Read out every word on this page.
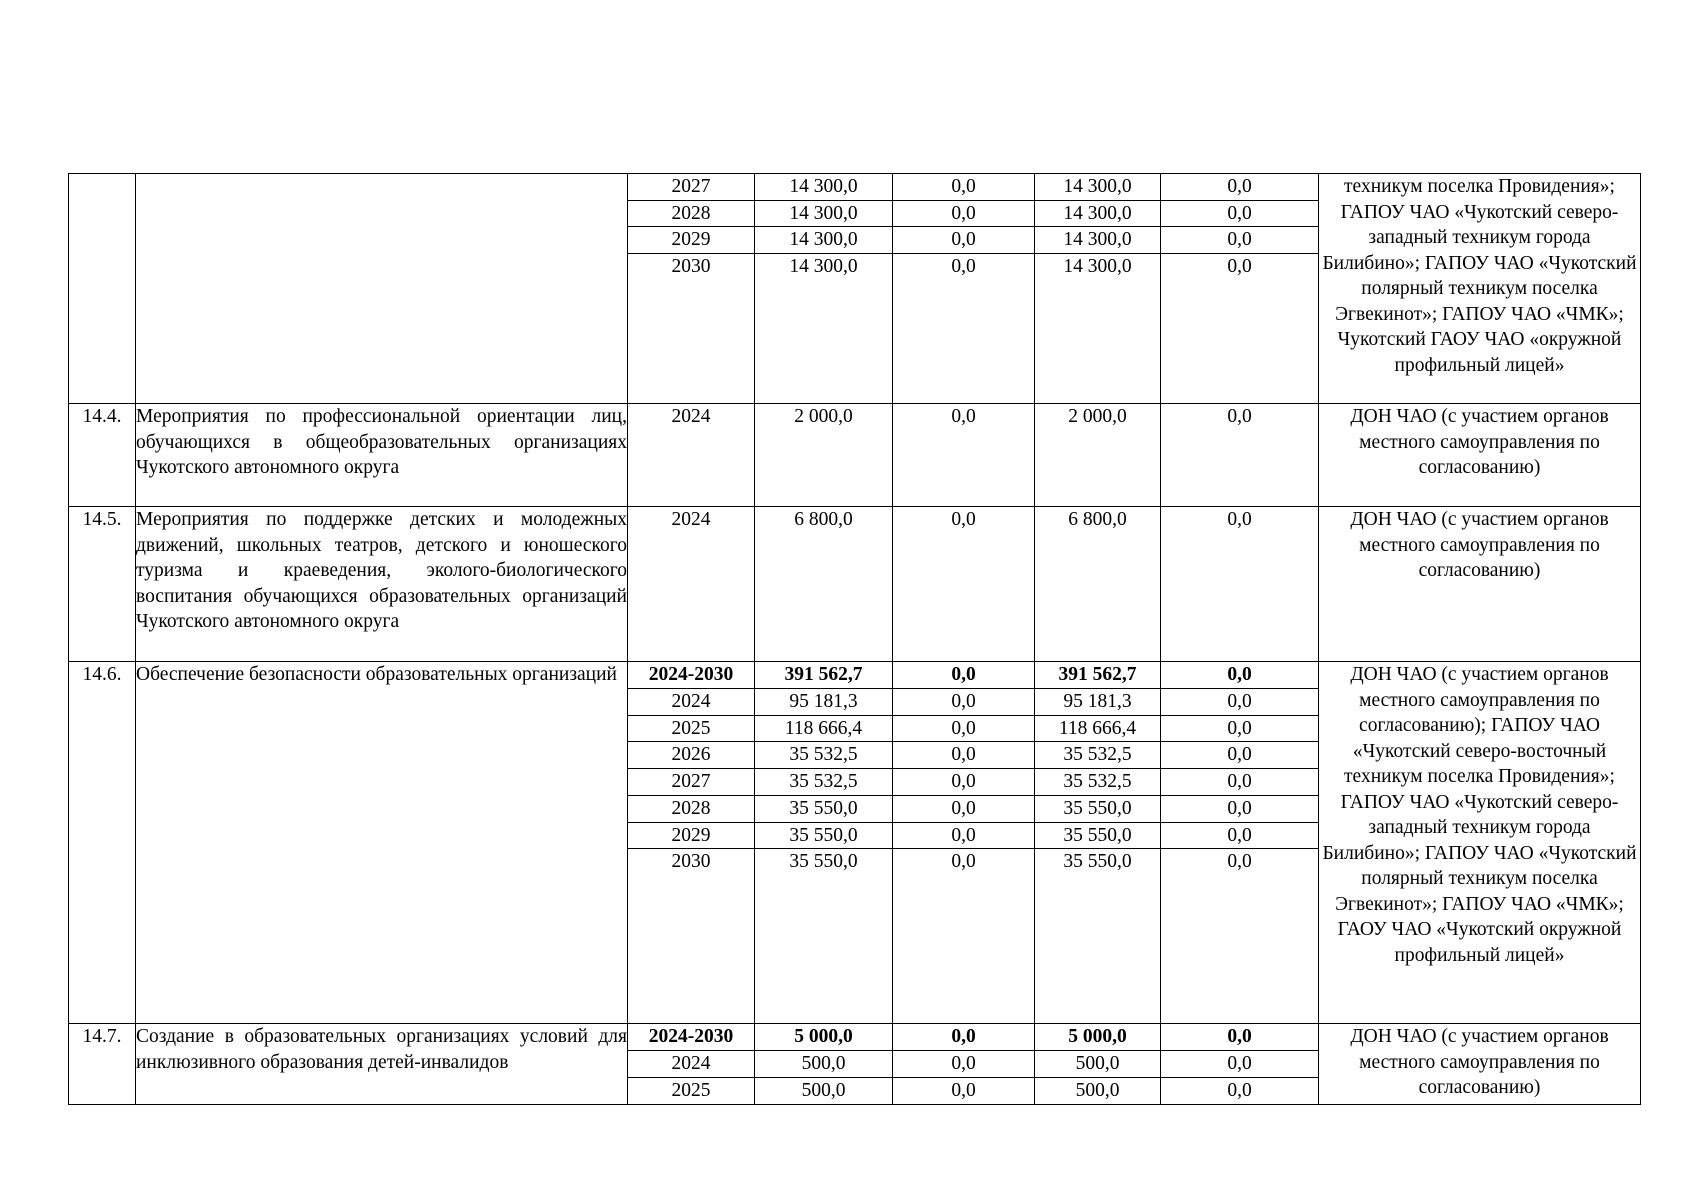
		2027	14 300,0	0,0	14 300,0	0,0	техникум поселка Провидения»; ГАПОУ ЧАО «Чукотский северо-западный техникум города Билибино»; ГАПОУ ЧАО «Чукотский полярный техникум поселка Эгвекинот»; ГАПОУ ЧАО «ЧМК»; Чукотский ГАОУ ЧАО «окружной профильный лицей»
		2028	14 300,0	0,0	14 300,0	0,0	
		2029	14 300,0	0,0	14 300,0	0,0	
		2030	14 300,0	0,0	14 300,0	0,0	
14.4.	Мероприятия по профессиональной ориентации лиц, обучающихся в общеобразовательных организациях Чукотского автономного округа	2024	2 000,0	0,0	2 000,0	0,0	ДОН ЧАО (с участием органов местного самоуправления по согласованию)
14.5.	Мероприятия по поддержке детских и молодежных движений, школьных театров, детского и юношеского туризма и краеведения, эколого-биологического воспитания обучающихся образовательных организаций Чукотского автономного округа	2024	6 800,0	0,0	6 800,0	0,0	ДОН ЧАО (с участием органов местного самоуправления по согласованию)
14.6.	Обеспечение безопасности образовательных организаций	2024-2030	391 562,7	0,0	391 562,7	0,0	ДОН ЧАО (с участием органов местного самоуправления по согласованию); ГАПОУ ЧАО «Чукотский северо-восточный техникум поселка Провидения»; ГАПОУ ЧАО «Чукотский северо-западный техникум города Билибино»; ГАПОУ ЧАО «Чукотский полярный техникум поселка Эгвекинот»; ГАПОУ ЧАО «ЧМК»; ГАОУ ЧАО «Чукотский окружной профильный лицей»
		2024	95 181,3	0,0	95 181,3	0,0	
		2025	118 666,4	0,0	118 666,4	0,0	
		2026	35 532,5	0,0	35 532,5	0,0	
		2027	35 532,5	0,0	35 532,5	0,0	
		2028	35 550,0	0,0	35 550,0	0,0	
		2029	35 550,0	0,0	35 550,0	0,0	
		2030	35 550,0	0,0	35 550,0	0,0	
14.7.	Создание в образовательных организациях условий для инклюзивного образования детей-инвалидов	2024-2030	5 000,0	0,0	5 000,0	0,0	ДОН ЧАО (с участием органов местного самоуправления по согласованию)
		2024	500,0	0,0	500,0	0,0	
		2025	500,0	0,0	500,0	0,0	
